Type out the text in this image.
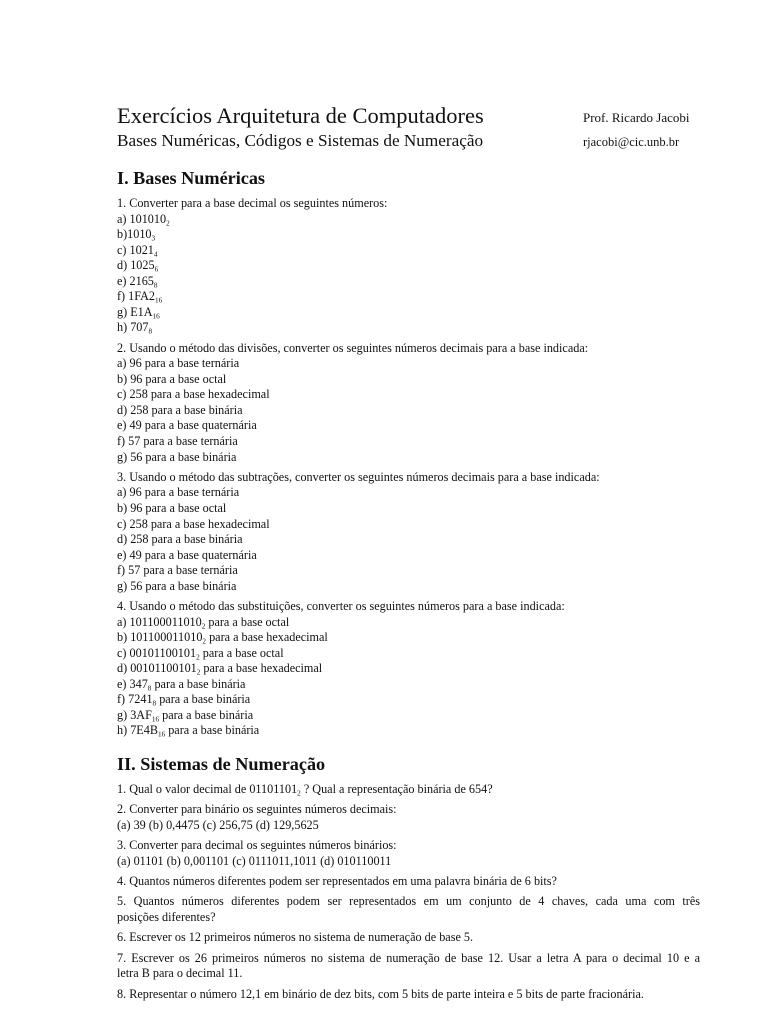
Exercícios Arquitetura de Computadores
Bases Numéricas, Códigos e Sistemas de Numeração
Prof. Ricardo Jacobi
rjacobi@cic.unb.br
I. Bases Numéricas
1. Converter para a base decimal os seguintes números:
a) $101010_2$
$b)1010_3$
c) $1021_4$
d) $1025_6$
e) $2165_8$
f) $1FA2_{16}$
g) $E1A_{16}$
h) $707_8$
2. Usando o método das divisões, converter os seguintes números decimais para a base indicada:
a) 96 para a base ternária
b) 96 para a base octal
c) 258 para a base hexadecimal
d) 258 para a base binária
e) 49 para a base quaternária
f) 57 para a base ternária
g) 56 para a base binária
3. Usando o método das subtrações, converter os seguintes números decimais para a base indicada:
a) 96 para a base ternária
b) 96 para a base octal
c) 258 para a base hexadecimal
d) 258 para a base binária
e) 49 para a base quaternária
f) 57 para a base ternária
g) 56 para a base binária
4. Usando o método das substituições, converter os seguintes números para a base indicada:
a) $101100011010_2$ para a base octal
b) $101100011010_2$ para a base hexadecimal
c) $00101100101_2$ para a base octal
d) $00101100101_2$ para a base hexadecimal
e) $347_8$ para a base binária
f) $7241_8$ para a base binária
g) $3AF_{16}$ para a base binária
h) $7E4B_{16}$ para a base binária
II. Sistemas de Numeração
1. Qual o valor decimal de $01101101_2$ ? Qual a representação binária de 654?
2. Converter para binário os seguintes números decimais:
(a) 39 (b) 0,4475 (c) 256,75 (d) 129,5625
3. Converter para decimal os seguintes números binários:
(a) 01101 (b) 0,001101 (c) 0111011,1011 (d) 010110011
4. Quantos números diferentes podem ser representados em uma palavra binária de 6 bits?
5. Quantos números diferentes podem ser representados em um conjunto de 4 chaves, cada uma com três
posições diferentes?
6. Escrever os 12 primeiros números no sistema de numeração de base 5.
7. Escrever os 26 primeiros números no sistema de numeração de base 12. Usar a letra A para o decimal 10 e a
letra B para o decimal 11.
8. Representar o número 12,1 em binário de dez bits, com 5 bits de parte inteira e 5 bits de parte fracionária.
